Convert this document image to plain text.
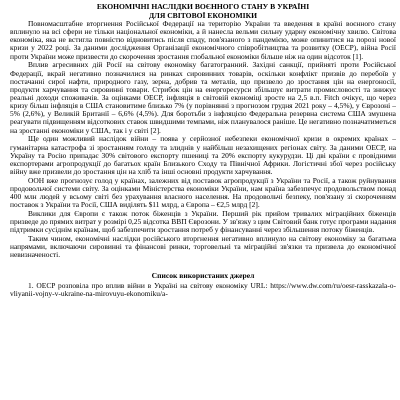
ЕКОНОМІЧНІ НАСЛІДКИ ВОЄННОГО СТАНУ В УКРАЇНІ

ДЛЯ СВІТОВОЇ ЕКОНОМІКИ

Повномасштабне вторгнення Російської Федерації на територію України та введення в країні воєнного стану вплинуло на всі сфери не тільки національної економіки, а й нанесла вельми сильну ударну економічну хвилю. Світова економіка, яка не встигла повністю відновитись після спаду, пов'язаного з пандемією, може опинитися на порозі нової кризи у 2022 році. За даними дослідження Організації економічного співробітництва та розвитку (ОЕСР), війна Росії проти України може призвести до скорочення зростання глобальної економіки більше ніж на один відсоток [1].

Вплив агресивних дій Росії на світову економіку багатогранний. Західні санкції, прийняті проти Російської Федерації, вкрай негативно позначилися на ринках сировинних товарів, оскільки конфлікт призвів до перебоїв у постачанні сирої нафти, природного газу, зерна, добрив та металів, що призвело до зростання цін на енергоносії, продукти харчування та сировинні товари. Стрибок цін на енергоресурси збільшує витрати промисловості та знижує реальні доходи споживачів. За оцінками ОЕСР, інфляція в світовій економіці зросте на 2,5 в.п. Fitch очікує, що через кризу більш інфляція в США становитиме близько 7% (у порівнянні з прогнозом грудня 2021 року – 4,5%), у Єврозоні – 5% (2,6%), у Великій Британії – 6,6% (4,5%). Для боротьби з інфляцією Федеральна резервна система США змушена реагувати підвищенням відсоткових ставок швидшими темпами, ніж планувалося раніше. Це негативно позначатиметься на зростанні економіки у США, так і у світі [2].

Ще один можливий наслідок війни – поява у серйозної небезпеки економічної кризи в окремих країнах – гуманітарна катастрофа зі зростанням голоду та злиднів у найбільш незахищених регіонах світу. За даними ОЕСР, на Україну та Росію припадає 30% світового експорту пшениці та 20% експорту кукурудзи. Ці дві країни є провідними експортерами агропродукції до багатьох країн Близького Сходу та Північної Африки. Логістичні збої через російську війну вже призвели до зростання цін на хліб та інші основні продукти харчування.

ООН вже прогнозує голод у країнах, залежних від поставок агропродукції з України та Росії, а також руйнування продовольчої системи світу. За оцінками Міністерства економіки України, нам країна забезпечує продовольством понад 400 млн людей у всьому світі без урахування власного населення. На продовольчі безпеку, пов'язану зі скороченням поставок з України та Росії, США виділять $11 млрд, а Європа – €2,5 млрд [2].

Виклики для Європи є також поток біженців з України. Перший рік прийом тривалих міграційних біженців призведе до прямих витрат у розмірі 0,25 відсотка ВВП Єврозони. У зв'язку з цим Світовий банк готує програми надання підтримки сусіднім країнам, щоб забезпечити зростання потреб у фінансуванні через збільшення потоку біженців.

Таким чином, економічні наслідки російського вторгнення негативно вплинуло на світову економіку за багатьма напрямами, включаючи сировинні та фінансові ринки, торговельні та міграційні зв'язки та призвела до економічної невизначеності.

Список використаних джерел

1. OECP розповіла про вплив війни в Україні на світову економіку URL: https://www.dw.com/ru/oesr-rasskazala-o-vliyanii-vojny-v-ukraine-na-mirovuyu-ekonomiku/a-
